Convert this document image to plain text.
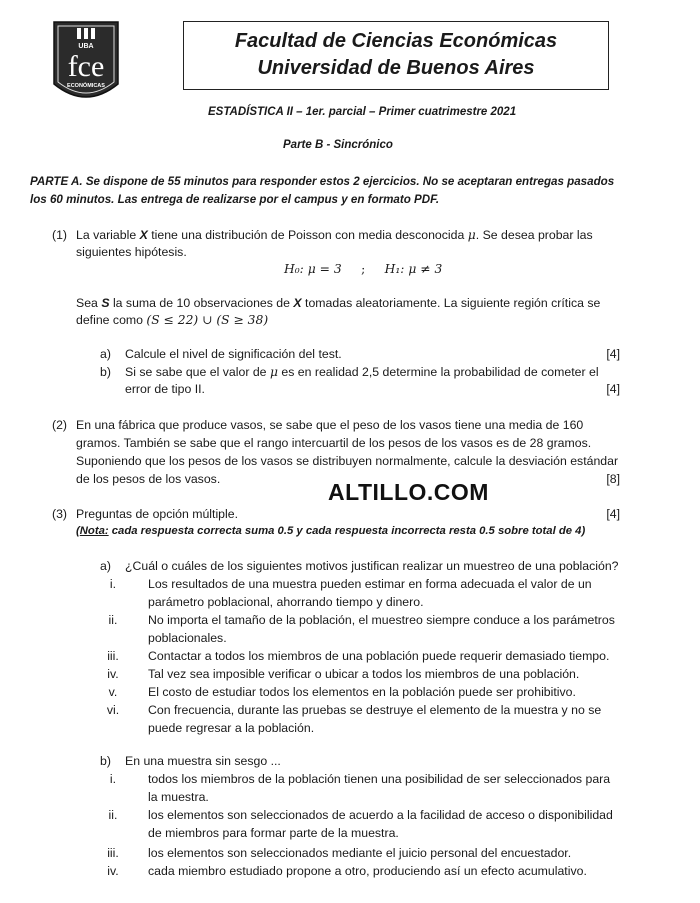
UBA
fce
ECONÓMICAS
Facultad de Ciencias Económicas
Universidad de Buenos Aires
ESTADÍSTICA II – 1er. parcial – Primer cuatrimestre 2021
Parte B - Sincrónico
PARTE A. Se dispone de 55 minutos para responder estos 2 ejercicios. No se aceptaran entregas pasados
los 60 minutos. Las entrega de realizarse por el campus y en formato PDF.
(1) La variable X tiene una distribución de Poisson con media desconocida μ. Se desea probar las
siguientes hipótesis.
H₀: μ = 3 ; H₁: μ ≠ 3
Sea S la suma de 10 observaciones de X tomadas aleatoriamente. La siguiente región crítica se
define como (S ≤ 22) ∪ (S ≥ 38)
a) Calcule el nivel de significación del test.	[4]
b) Si se sabe que el valor de μ es en realidad 2,5 determine la probabilidad de cometer el
error de tipo II.	[4]
(2) En una fábrica que produce vasos, se sabe que el peso de los vasos tiene una media de 160
gramos. También se sabe que el rango intercuartil de los pesos de los vasos es de 28 gramos.
Suponiendo que los pesos de los vasos se distribuyen normalmente, calcule la desviación estándar
de los pesos de los vasos.	[8]
ALTILLO.COM
(3) Preguntas de opción múltiple.	[4]
(Nota: cada respuesta correcta suma 0.5 y cada respuesta incorrecta resta 0.5 sobre total de 4)
a) ¿Cuál o cuáles de los siguientes motivos justifican realizar un muestreo de una población?
i.	Los resultados de una muestra pueden estimar en forma adecuada el valor de un
parámetro poblacional, ahorrando tiempo y dinero.
ii.	No importa el tamaño de la población, el muestreo siempre conduce a los parámetros
poblacionales.
iii.	Contactar a todos los miembros de una población puede requerir demasiado tiempo.
iv.	Tal vez sea imposible verificar o ubicar a todos los miembros de una población.
v.	El costo de estudiar todos los elementos en la población puede ser prohibitivo.
vi.	Con frecuencia, durante las pruebas se destruye el elemento de la muestra y no se
puede regresar a la población.
b) En una muestra sin sesgo ...
i.	todos los miembros de la población tienen una posibilidad de ser seleccionados para
la muestra.
ii.	los elementos son seleccionados de acuerdo a la facilidad de acceso o disponibilidad
de miembros para formar parte de la muestra.
iii.	los elementos son seleccionados mediante el juicio personal del encuestador.
iv.	cada miembro estudiado propone a otro, produciendo así un efecto acumulativo.
